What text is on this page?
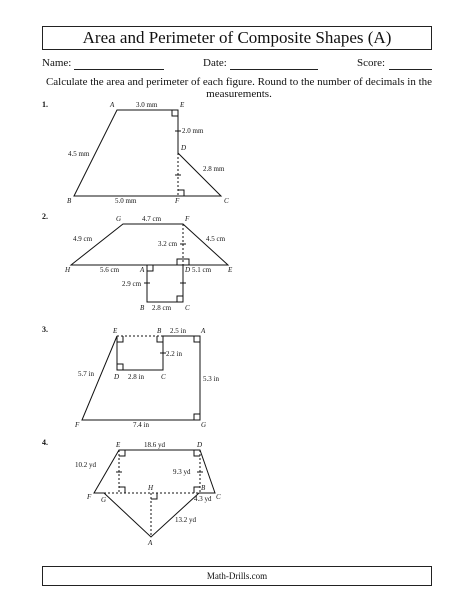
Area and Perimeter of Composite Shapes (A)
Name:	Date:	Score:
Calculate the area and perimeter of each figure. Round to the number of decimals in the measurements.
1.
2.
3.
4.
A	E
D
B	F	C
3.0 mm
2.0 mm
4.5 mm
2.8 mm
5.0 mm
G	F
H	A	D	E
B	C
4.7 cm
4.9 cm	4.5 cm
3.2 cm
5.6 cm	5.1 cm
2.9 cm
2.8 cm
E	B	A
D	C
F	G
2.5 in
2.2 in
5.7 in	2.8 in	5.3 in
7.4 in
E	D
H	B
F G	C
A
18.6 yd
10.2 yd
9.3 yd
4.3 yd
13.2 yd
Math-Drills.com
